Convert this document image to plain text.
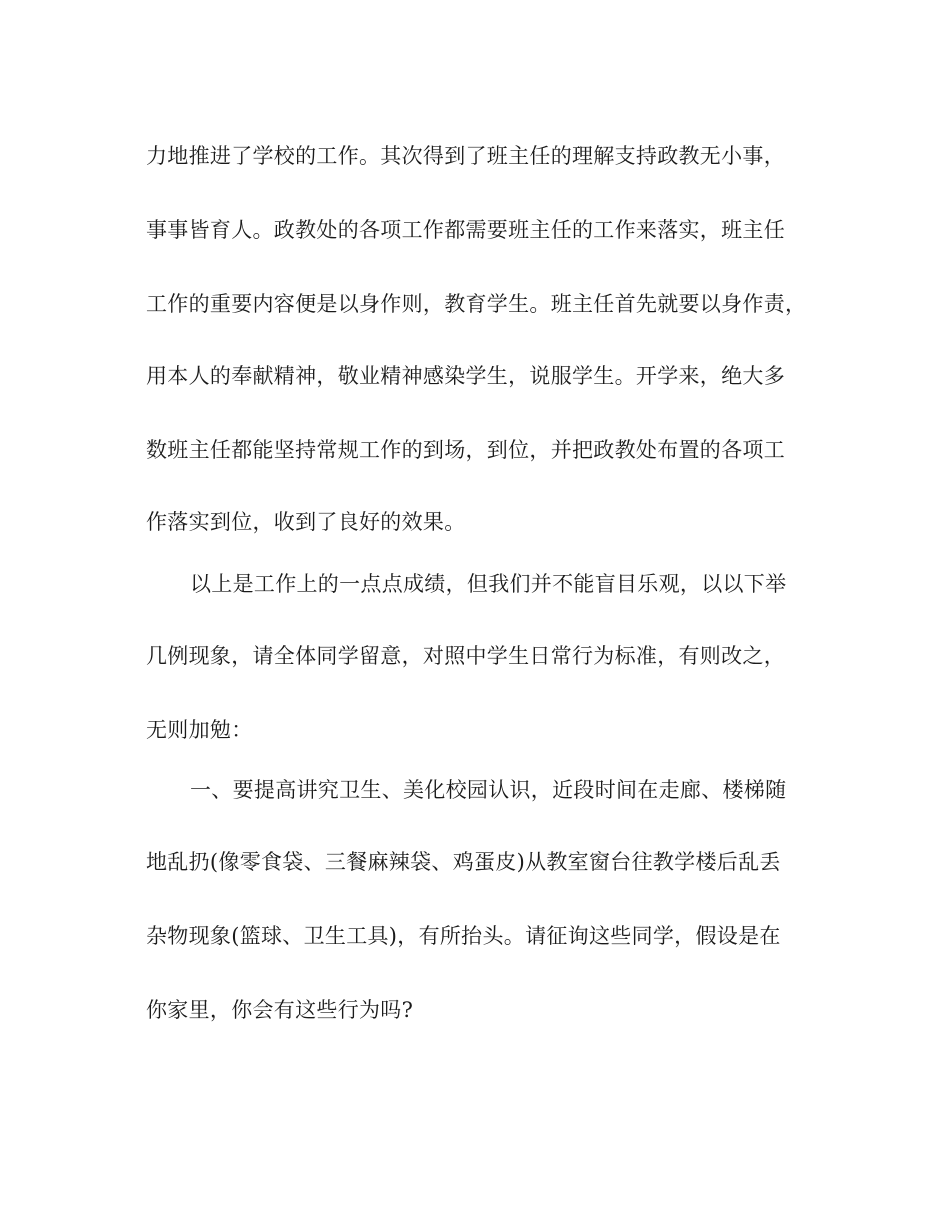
力地推进了学校的工作。其次得到了班主任的理解支持政教无小事，
事事皆育人。政教处的各项工作都需要班主任的工作来落实，班主任
工作的重要内容便是以身作则，教育学生。班主任首先就要以身作责，
用本人的奉献精神，敬业精神感染学生，说服学生。开学来，绝大多
数班主任都能坚持常规工作的到场，到位，并把政教处布置的各项工
作落实到位，收到了良好的效果。
以上是工作上的一点点成绩，但我们并不能盲目乐观，以以下举
几例现象，请全体同学留意，对照中学生日常行为标准，有则改之，
无则加勉：
一、要提高讲究卫生、美化校园认识，近段时间在走廊、楼梯随
地乱扔(像零食袋、三餐麻辣袋、鸡蛋皮)从教室窗台往教学楼后乱丢
杂物现象(篮球、卫生工具)，有所抬头。请征询这些同学，假设是在
你家里，你会有这些行为吗?
